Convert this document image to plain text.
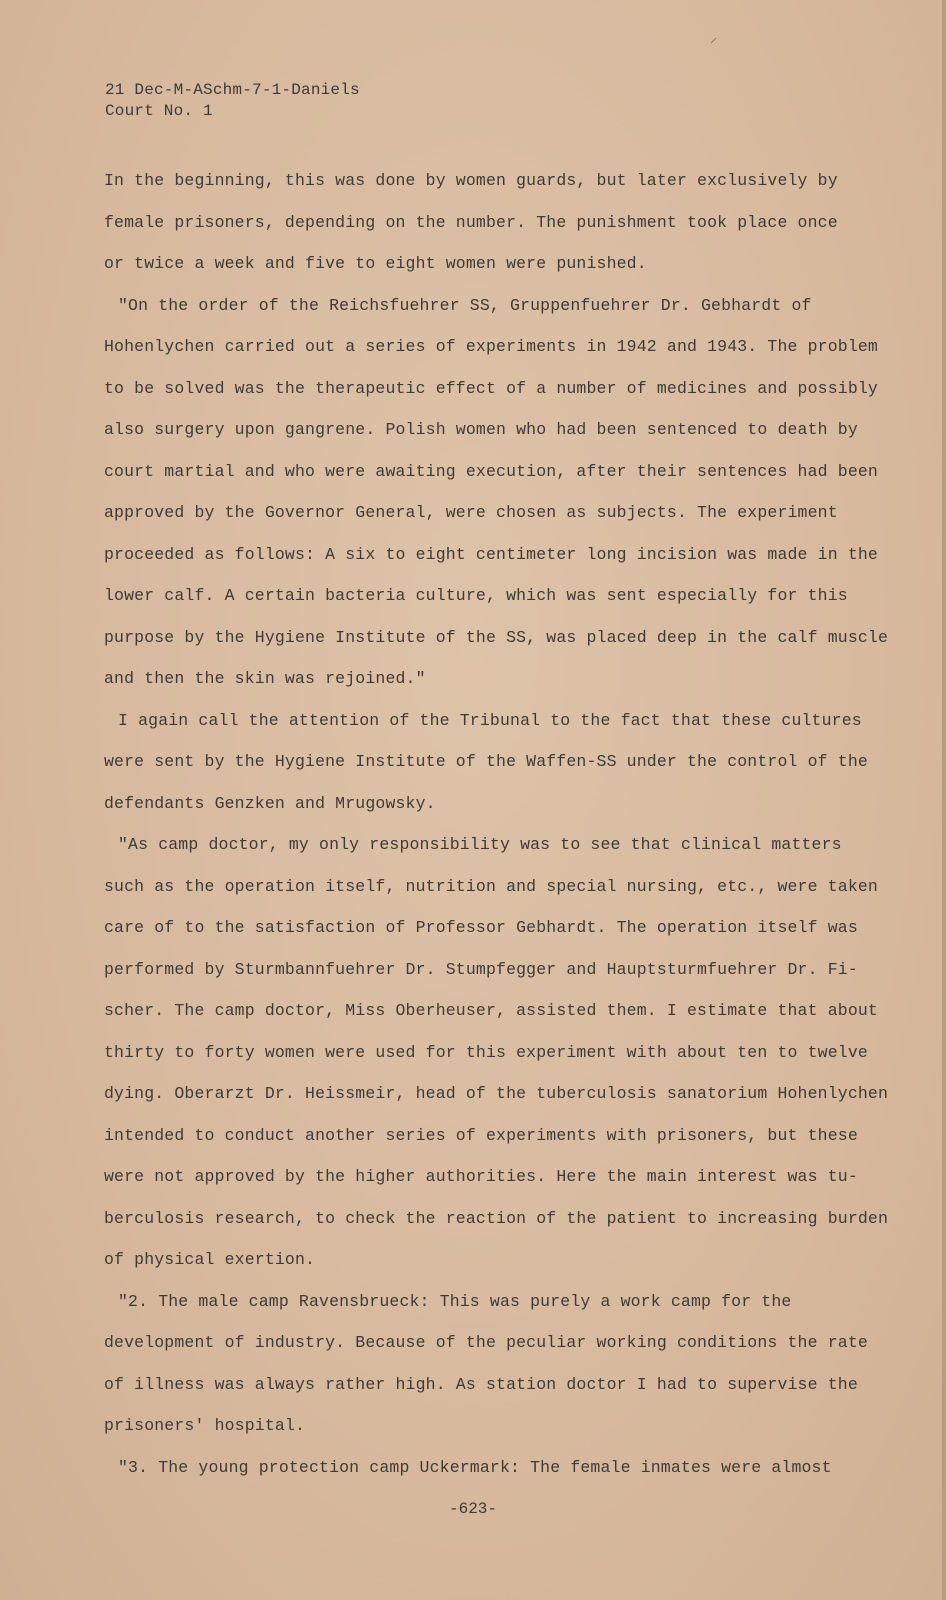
21 Dec-M-ASchm-7-1-Daniels
Court No. 1
In the beginning, this was done by women guards, but later exclusively by
female prisoners, depending on the number. The punishment took place once
or twice a week and five to eight women were punished.
"On the order of the Reichsfuehrer SS, Gruppenfuehrer Dr. Gebhardt of
Hohenlychen carried out a series of experiments in 1942 and 1943. The problem
to be solved was the therapeutic effect of a number of medicines and possibly
also surgery upon gangrene. Polish women who had been sentenced to death by
court martial and who were awaiting execution, after their sentences had been
approved by the Governor General, were chosen as subjects. The experiment
proceeded as follows: A six to eight centimeter long incision was made in the
lower calf. A certain bacteria culture, which was sent especially for this
purpose by the Hygiene Institute of the SS, was placed deep in the calf muscle
and then the skin was rejoined."
I again call the attention of the Tribunal to the fact that these cultures
were sent by the Hygiene Institute of the Waffen-SS under the control of the
defendants Genzken and Mrugowsky.
"As camp doctor, my only responsibility was to see that clinical matters
such as the operation itself, nutrition and special nursing, etc., were taken
care of to the satisfaction of Professor Gebhardt. The operation itself was
performed by Sturmbannfuehrer Dr. Stumpfegger and Hauptsturmfuehrer Dr. Fi-
scher. The camp doctor, Miss Oberheuser, assisted them. I estimate that about
thirty to forty women were used for this experiment with about ten to twelve
dying. Oberarzt Dr. Heissmeir, head of the tuberculosis sanatorium Hohenlychen
intended to conduct another series of experiments with prisoners, but these
were not approved by the higher authorities. Here the main interest was tu-
berculosis research, to check the reaction of the patient to increasing burden
of physical exertion.
"2. The male camp Ravensbrueck: This was purely a work camp for the
development of industry. Because of the peculiar working conditions the rate
of illness was always rather high. As station doctor I had to supervise the
prisoners' hospital.
"3. The young protection camp Uckermark: The female inmates were almost
-623-
⸝
